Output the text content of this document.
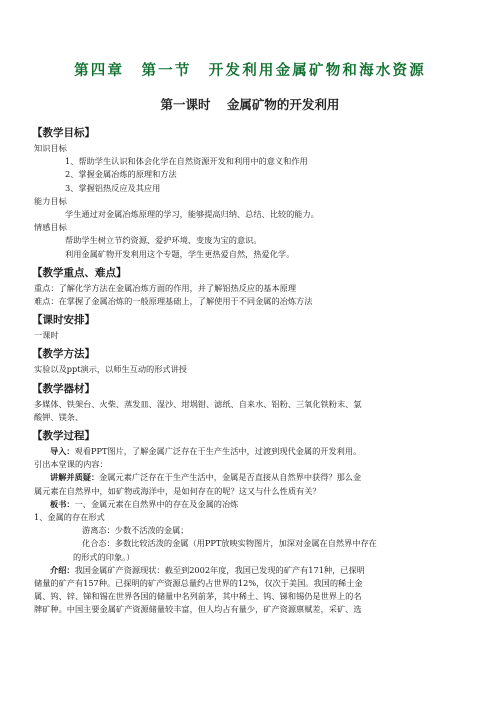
第四章 第一节 开发利用金属矿物和海水资源
第一课时 金属矿物的开发利用
【教学目标】
知识目标
1、帮助学生认识和体会化学在自然资源开发和利用中的意义和作用
2、掌握金属冶炼的原理和方法
3、掌握铝热反应及其应用
能力目标
学生通过对金属冶炼原理的学习，能够提高归纳、总结、比较的能力。
情感目标
帮助学生树立节约资源、爱护环境、变废为宝的意识。
利用金属矿物开发利用这个专题，学生更热爱自然，热爱化学。
【教学重点、难点】
重点：了解化学方法在金属冶炼方面的作用，并了解铝热反应的基本原理
难点：在掌握了金属冶炼的一般原理基础上，了解使用于不同金属的冶炼方法
【课时安排】
一课时
【教学方法】
实验以及ppt演示，以师生互动的形式讲授
【教学器材】
多媒体、铁架台、火柴、蒸发皿、湿沙、坩埚钳、滤纸、自来水、铝粉、三氧化铁粉末、氯
酸钾、镁条、
【教学过程】
导入：观看PPT图片，了解金属广泛存在于生产生活中，过渡到现代金属的开发利用。
引出本堂课的内容：
讲解并质疑：金属元素广泛存在于生产生活中，金属是否直接从自然界中获得？那么金
属元素在自然界中，如矿物或海洋中，是如何存在的呢？这又与什么性质有关？
板书：一、金属元素在自然界中的存在及金属的冶炼
1、金属的存在形式
游离态：少数不活泼的金属；
化合态：多数比较活泼的金属（用PPT放映实物图片，加深对金属在自然界中存在
的形式的印象。）
介绍：我国金属矿产资源现状：截至到2002年度，我国已发现的矿产有171种，已探明
储量的矿产有157种。已探明的矿产资源总量约占世界的12%，仅次于美国。我国的稀土金
属、钨、锌、锑和锡在世界各国的储量中名列前茅，其中稀土、钨、锑和锡仍是世界上的名
牌矿种。中国主要金属矿产资源储量较丰富，但人均占有量少，矿产资源禀赋差，采矿、选
